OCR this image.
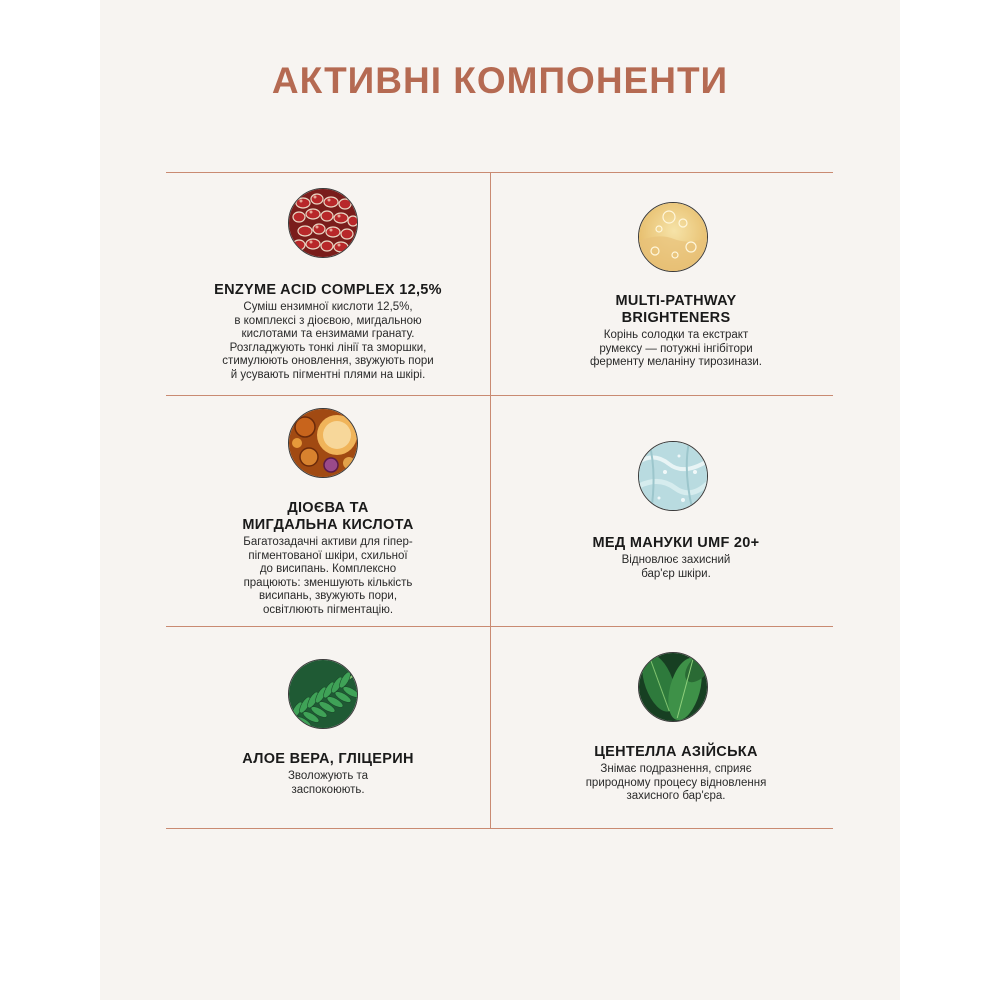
АКТИВНІ КОМПОНЕНТИ
ENZYME ACID COMPLEX 12,5%
Суміш ензимної кислоти 12,5%,
в комплексі з діоєвою, мигдальною
кислотами та ензимами гранату.
Розгладжують тонкі лінії та зморшки,
стимулюють оновлення, звужують пори
й усувають пігментні плями на шкірі.
MULTI-PATHWAY
BRIGHTENERS
Корінь солодки та екстракт
румексу — потужні інгібітори
ферменту меланіну тирозинази.
ДІОЄВА ТА
МИГДАЛЬНА КИСЛОТА
Багатозадачні активи для гіпер-
пігментованої шкіри, схильної
до висипань. Комплексно
працюють: зменшують кількість
висипань, звужують пори,
освітлюють пігментацію.
МЕД МАНУКИ UMF 20+
Відновлює захисний
бар'єр шкіри.
АЛОЕ ВЕРА, ГЛІЦЕРИН
Зволожують та
заспокоюють.
ЦЕНТЕЛЛА АЗІЙСЬКА
Знімає подразнення, сприяє
природному процесу відновлення
захисного бар'єра.
